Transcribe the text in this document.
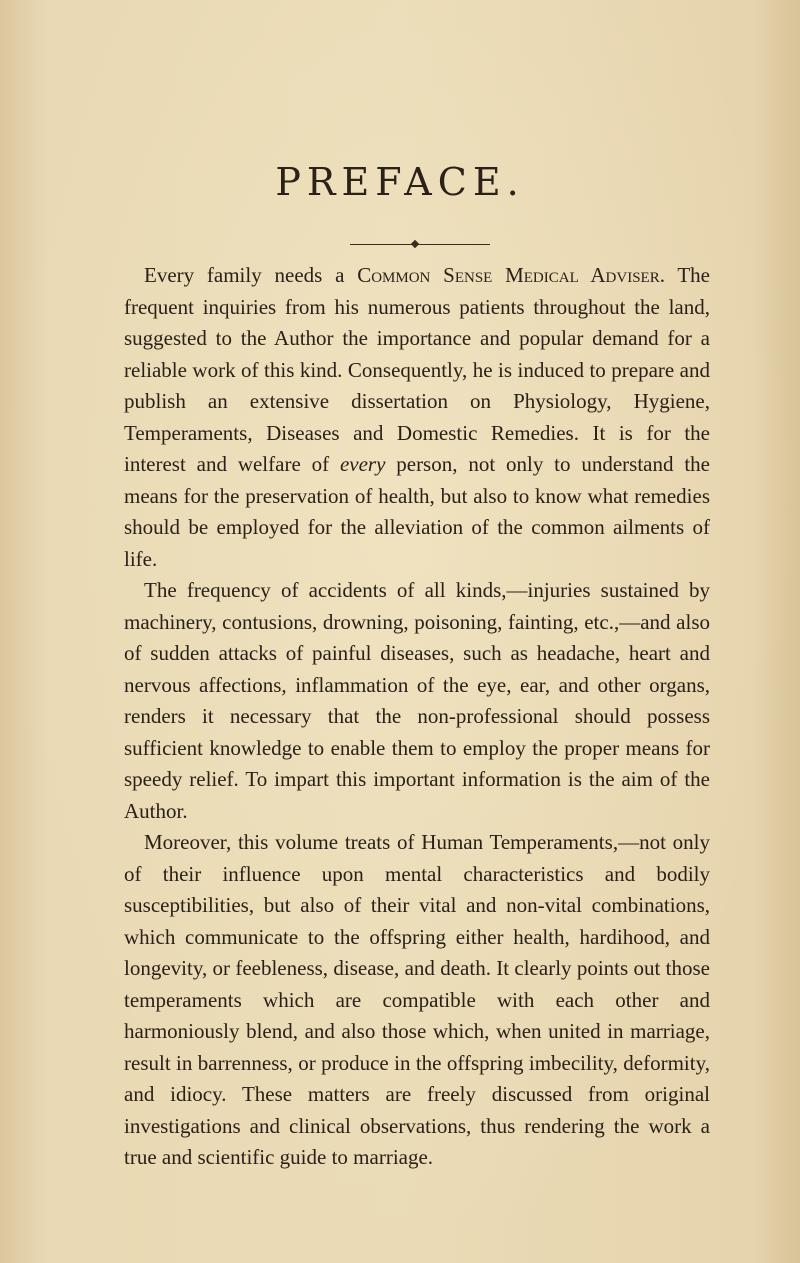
PREFACE.

Every family needs a Common Sense Medical Adviser. The frequent inquiries from his numerous patients throughout the land, suggested to the Author the importance and popular demand for a reliable work of this kind. Consequently, he is induced to prepare and publish an extensive dissertation on Physiology, Hygiene, Temperaments, Diseases and Domestic Remedies. It is for the interest and welfare of every person, not only to understand the means for the preservation of health, but also to know what remedies should be employed for the alleviation of the common ailments of life.

The frequency of accidents of all kinds,—injuries sustained by machinery, contusions, drowning, poisoning, fainting, etc.,—and also of sudden attacks of painful diseases, such as headache, heart and nervous affections, inflammation of the eye, ear, and other organs, renders it necessary that the non-professional should possess sufficient knowledge to enable them to employ the proper means for speedy relief. To impart this important information is the aim of the Author.

Moreover, this volume treats of Human Temperaments,—not only of their influence upon mental characteristics and bodily susceptibilities, but also of their vital and non-vital combinations, which communicate to the offspring either health, hardihood, and longevity, or feebleness, disease, and death. It clearly points out those temperaments which are compatible with each other and harmoniously blend, and also those which, when united in marriage, result in barrenness, or produce in the offspring imbecility, deformity, and idiocy. These matters are freely discussed from original investigations and clinical observations, thus rendering the work a true and scientific guide to marriage.
